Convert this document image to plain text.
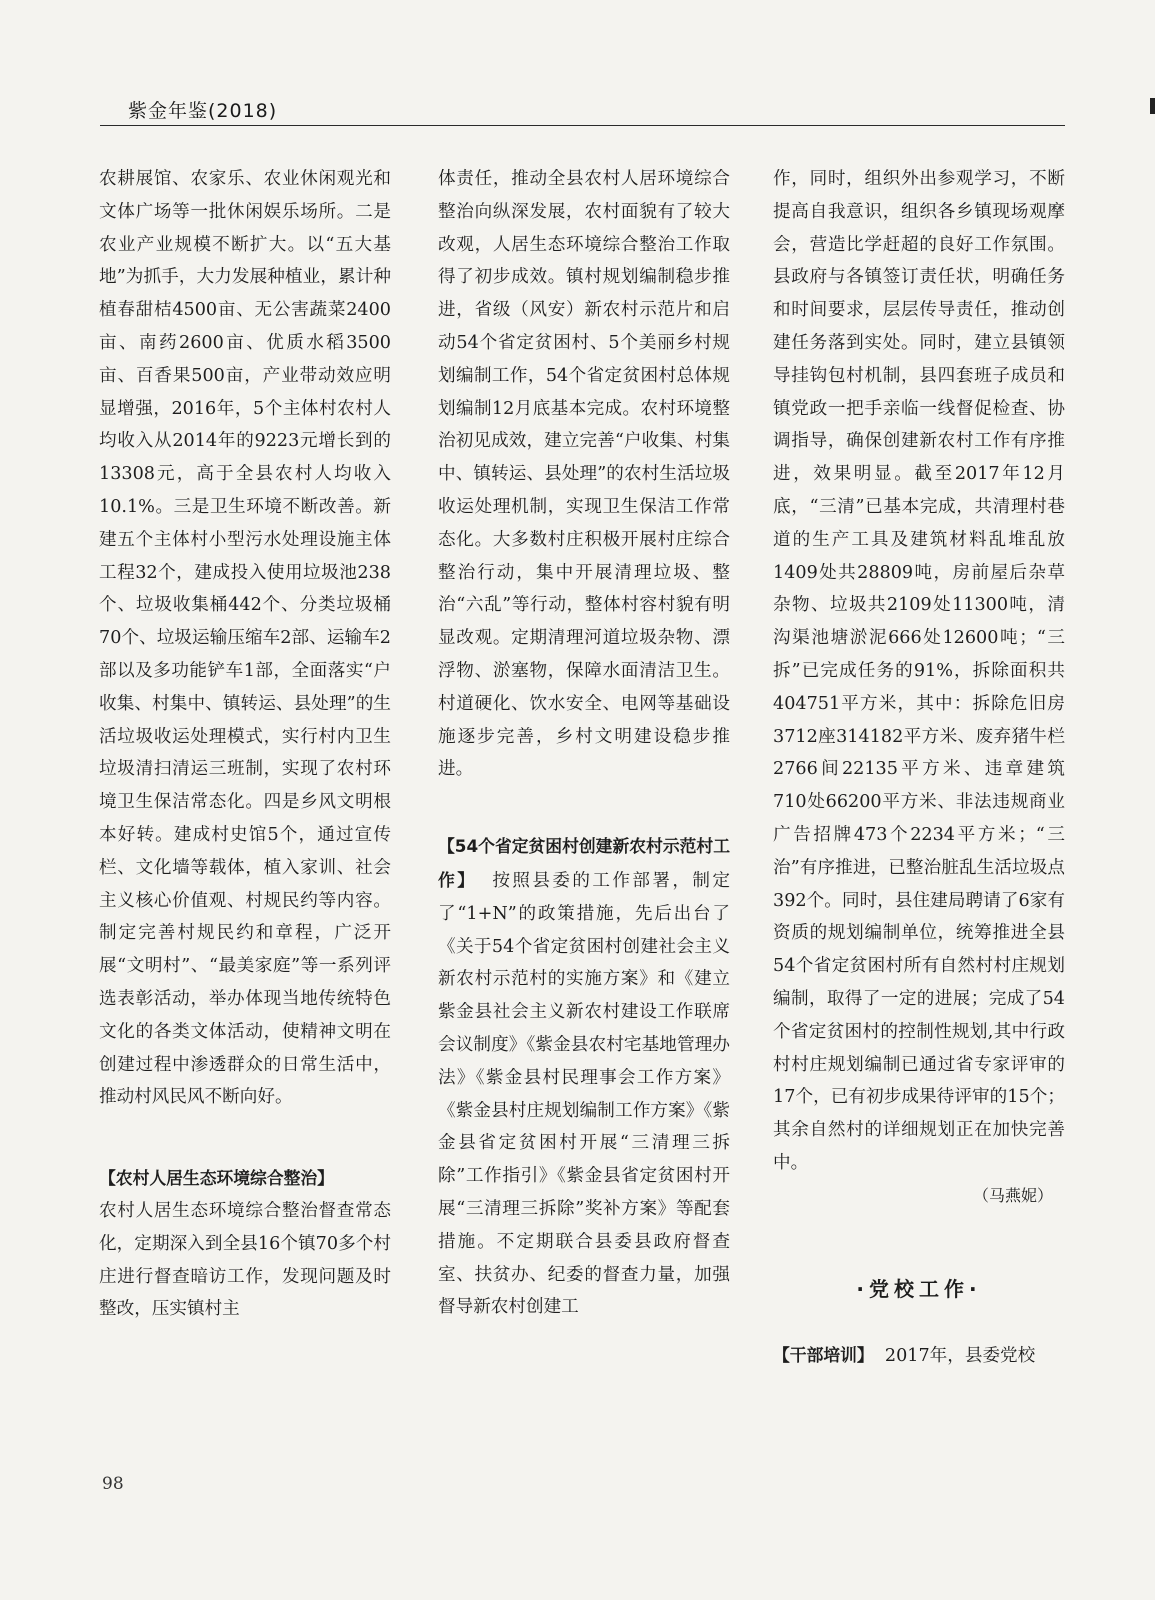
紫金年鉴(2018)

农耕展馆、农家乐、农业休闲观光和文体广场等一批休闲娱乐场所。二是农业产业规模不断扩大。以“五大基地”为抓手，大力发展种植业，累计种植春甜桔4500亩、无公害蔬菜2400亩、南药2600亩、优质水稻3500亩、百香果500亩，产业带动效应明显增强，2016年，5个主体村农村人均收入从2014年的9223元增长到的13308元，高于全县农村人均收入10.1%。三是卫生环境不断改善。新建五个主体村小型污水处理设施主体工程32个，建成投入使用垃圾池238个、垃圾收集桶442个、分类垃圾桶70个、垃圾运输压缩车2部、运输车2部以及多功能铲车1部，全面落实“户收集、村集中、镇转运、县处理”的生活垃圾收运处理模式，实行村内卫生垃圾清扫清运三班制，实现了农村环境卫生保洁常态化。四是乡风文明根本好转。建成村史馆5个，通过宣传栏、文化墙等载体，植入家训、社会主义核心价值观、村规民约等内容。制定完善村规民约和章程，广泛开展“文明村”、“最美家庭”等一系列评选表彰活动，举办体现当地传统特色文化的各类文体活动，使精神文明在创建过程中渗透群众的日常生活中，推动村风民风不断向好。

【农村人居生态环境综合整治】

农村人居生态环境综合整治督查常态化，定期深入到全县16个镇70多个村庄进行督查暗访工作，发现问题及时整改，压实镇村主

体责任，推动全县农村人居环境综合整治向纵深发展，农村面貌有了较大改观，人居生态环境综合整治工作取得了初步成效。镇村规划编制稳步推进，省级（风安）新农村示范片和启动54个省定贫困村、5个美丽乡村规划编制工作，54个省定贫困村总体规划编制12月底基本完成。农村环境整治初见成效，建立完善“户收集、村集中、镇转运、县处理”的农村生活垃圾收运处理机制，实现卫生保洁工作常态化。大多数村庄积极开展村庄综合整治行动，集中开展清理垃圾、整治“六乱”等行动，整体村容村貌有明显改观。定期清理河道垃圾杂物、漂浮物、淤塞物，保障水面清洁卫生。村道硬化、饮水安全、电网等基础设施逐步完善，乡村文明建设稳步推进。

【54个省定贫困村创建新农村示范村工作】 按照县委的工作部署，制定了“1+N”的政策措施，先后出台了《关于54个省定贫困村创建社会主义新农村示范村的实施方案》和《建立紫金县社会主义新农村建设工作联席会议制度》《紫金县农村宅基地管理办法》《紫金县村民理事会工作方案》《紫金县村庄规划编制工作方案》《紫金县省定贫困村开展“三清理三拆除”工作指引》《紫金县省定贫困村开展“三清理三拆除”奖补方案》等配套措施。不定期联合县委县政府督查室、扶贫办、纪委的督查力量，加强督导新农村创建工

作，同时，组织外出参观学习，不断提高自我意识，组织各乡镇现场观摩会，营造比学赶超的良好工作氛围。县政府与各镇签订责任状，明确任务和时间要求，层层传导责任，推动创建任务落到实处。同时，建立县镇领导挂钩包村机制，县四套班子成员和镇党政一把手亲临一线督促检查、协调指导，确保创建新农村工作有序推进，效果明显。截至2017年12月底，“三清”已基本完成，共清理村巷道的生产工具及建筑材料乱堆乱放1409处共28809吨，房前屋后杂草杂物、垃圾共2109处11300吨，清沟渠池塘淤泥666处12600吨；“三拆”已完成任务的91%，拆除面积共404751平方米，其中：拆除危旧房3712座314182平方米、废弃猪牛栏2766间22135平方米、违章建筑710处66200平方米、非法违规商业广告招牌473个2234平方米；“三治”有序推进，已整治脏乱生活垃圾点392个。同时，县住建局聘请了6家有资质的规划编制单位，统筹推进全县54个省定贫困村所有自然村村庄规划编制，取得了一定的进展；完成了54个省定贫困村的控制性规划,其中行政村村庄规划编制已通过省专家评审的17个，已有初步成果待评审的15个；其余自然村的详细规划正在加快完善中。

（马燕妮）

·党校工作·

【干部培训】 2017年，县委党校

98
